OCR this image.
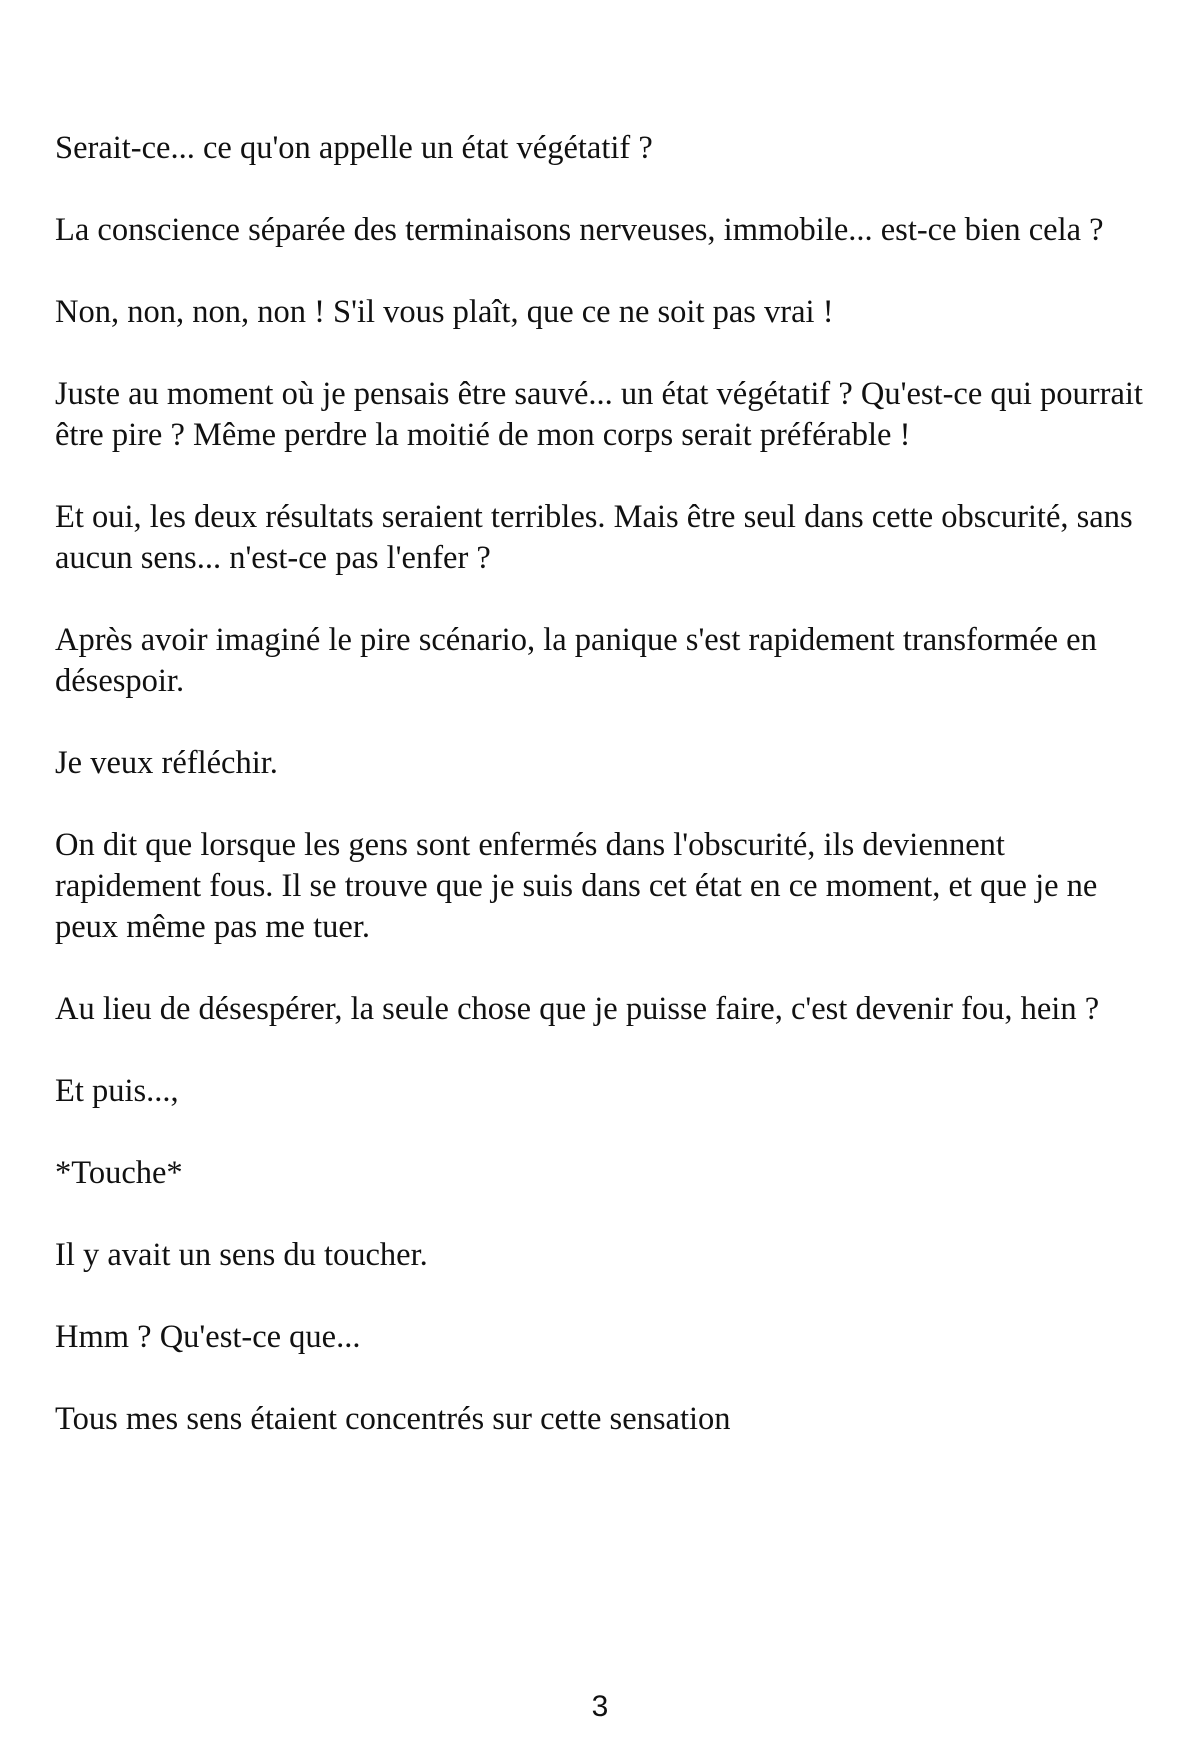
Serait-ce... ce qu'on appelle un état végétatif ?

La conscience séparée des terminaisons nerveuses, immobile... est-ce bien cela ?

Non, non, non, non ! S'il vous plaît, que ce ne soit pas vrai !

Juste au moment où je pensais être sauvé... un état végétatif ? Qu'est-ce qui pourrait être pire ? Même perdre la moitié de mon corps serait préférable !

Et oui, les deux résultats seraient terribles. Mais être seul dans cette obscurité, sans aucun sens... n'est-ce pas l'enfer ?

Après avoir imaginé le pire scénario, la panique s'est rapidement transformée en désespoir.

Je veux réfléchir.

On dit que lorsque les gens sont enfermés dans l'obscurité, ils deviennent rapidement fous. Il se trouve que je suis dans cet état en ce moment, et que je ne peux même pas me tuer.

Au lieu de désespérer, la seule chose que je puisse faire, c'est devenir fou, hein ?

Et puis...,

*Touche*

Il y avait un sens du toucher.

Hmm ? Qu'est-ce que...

Tous mes sens étaient concentrés sur cette sensation

3
